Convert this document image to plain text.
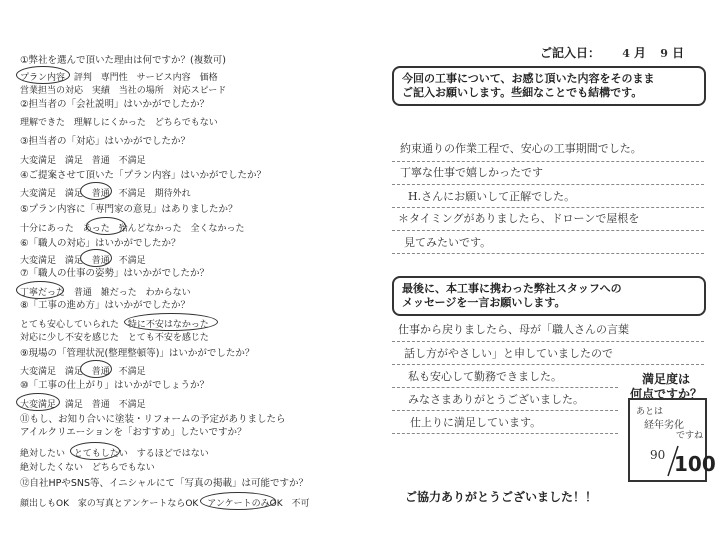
ご記入日： 4 月 9 日
①弊社を選んで頂いた理由は何ですか？(複数可)
プラン内容 評判 専門性 サービス内容 価格
営業担当の対応 実績 当社の場所 対応スピード
②担当者の「会社説明」はいかがでしたか？
理解できた 理解しにくかった どちらでもない
③担当者の「対応」はいかがでしたか？
大変満足 満足 普通 不満足
④ご提案させて頂いた「プラン内容」はいかがでしたか？
大変満足 満足 普通 不満足 期待外れ
⑤プラン内容に「専門家の意見」はありましたか？
十分にあった あった 殆んどなかった 全くなかった
⑥「職人の対応」はいかがでしたか？
大変満足 満足 普通 不満足
⑦「職人の仕事の姿勢」はいかがでしたか？
丁寧だった 普通 雑だった わからない
⑧「工事の進め方」はいかがでしたか？
とても安心していられた 特に不安はなかった
対応に少し不安を感じた とても不安を感じた
⑨現場の「管理状況(整理整頓等)」はいかがでしたか？
大変満足 満足 普通 不満足
⑩「工事の仕上がり」はいかがでしょうか？
大変満足 満足 普通 不満足
⑪もし、お知り合いに塗装・リフォームの予定がありましたら
アイルクリエーションを「おすすめ」したいですか？
絶対したい とてもしたい するほどではない
絶対したくない どちらでもない
⑫自社HPやSNS等、イニシャルにて「写真の掲載」は可能ですか？
顔出しもOK 家の写真とアンケートならOK アンケートのみOK 不可
今回の工事について、お感じ頂いた内容をそのまま
ご記入お願いします。些細なことでも結構です。
約束通りの作業工程で、安心の工事期間でした。
丁寧な仕事で嬉しかったです
H.さんにお願いして正解でした。
＊タイミングがありましたら、ドローンで屋根を
見てみたいです。
最後に、本工事に携わった弊社スタッフへの
メッセージを一言お願いします。
仕事から戻りましたら、母が「職人さんの言葉
話し方がやさしい」と申していましたので
私も安心して勤務できました。
みなさまありがとうございました。
仕上りに満足しています。
満足度は
何点ですか？
あとは
経年劣化
ですね
90 100
ご協力ありがとうございました！！
